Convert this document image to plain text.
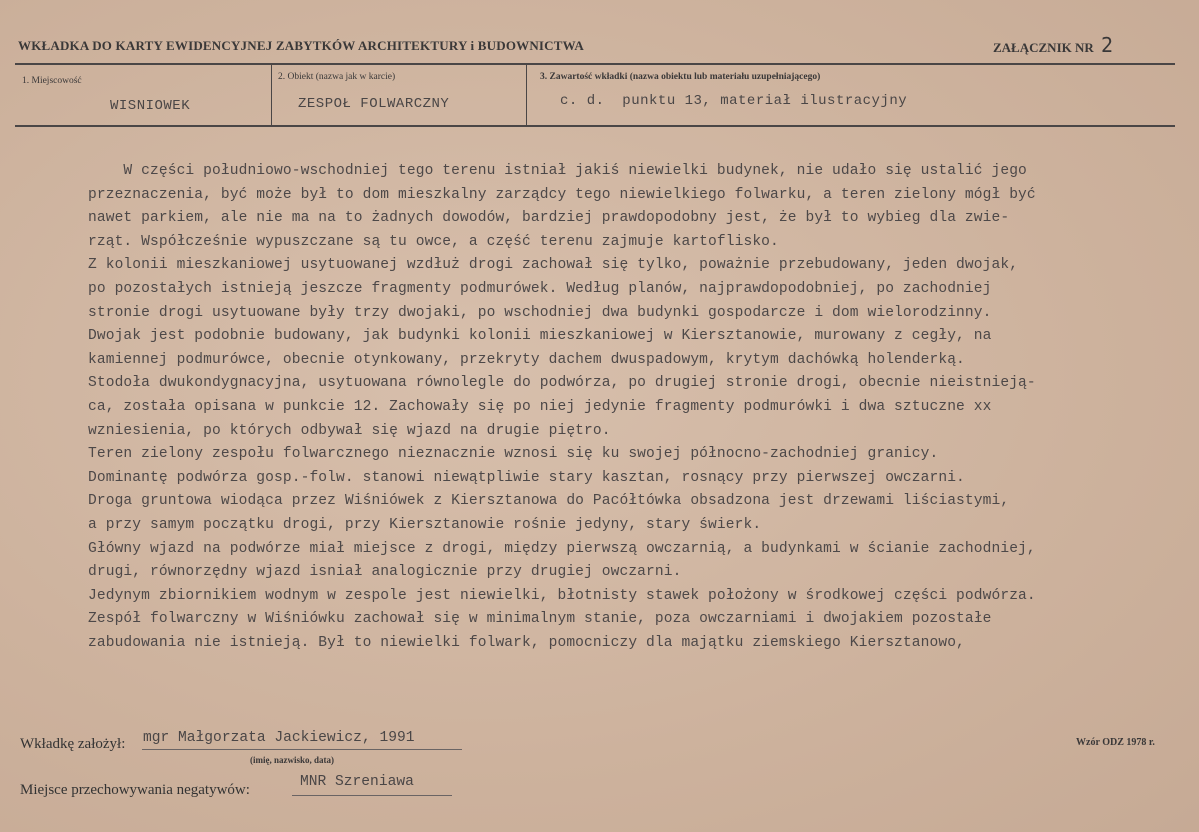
WKŁADKA DO KARTY EWIDENCYJNEJ ZABYTKÓW ARCHITEKTURY i BUDOWNICTWA	ZAŁĄCZNIK NR 2
1. Miejscowość
WISNIOWEK
2. Obiekt (nazwa jak w karcie)
ZESPOŁ FOLWARCZNY
3. Zawartość wkładki (nazwa obiektu lub materiału uzupełniającego)
c. d.  punktu 13, materiał ilustracyjny
W części południowo-wschodniej tego terenu istniał jakiś niewielki budynek, nie udało się ustalić jego
przeznaczenia, być może był to dom mieszkalny zarządcy tego niewielkiego folwarku, a teren zielony mógł być
nawet parkiem, ale nie ma na to żadnych dowodów, bardziej prawdopodobny jest, że był to wybieg dla zwie-
rząt. Współcześnie wypuszczane są tu owce, a część terenu zajmuje kartoflisko.
Z kolonii mieszkaniowej usytuowanej wzdłuż drogi zachował się tylko, poważnie przebudowany, jeden dwojak,
po pozostałych istnieją jeszcze fragmenty podmurówek. Według planów, najprawdopodobniej, po zachodniej
stronie drogi usytuowane były trzy dwojaki, po wschodniej dwa budynki gospodarcze i dom wielorodzinny.
Dwojak jest podobnie budowany, jak budynki kolonii mieszkaniowej w Kiersztanowie, murowany z cegły, na
kamiennej podmurówce, obecnie otynkowany, przekryty dachem dwuspadowym, krytym dachówką holenderką.
Stodoła dwukondygnacyjna, usytuowana równolegle do podwórza, po drugiej stronie drogi, obecnie nieistnieją-
ca, została opisana w punkcie 12. Zachowały się po niej jedynie fragmenty podmurówki i dwa sztuczne xx
wzniesienia, po których odbywał się wjazd na drugie piętro.
Teren zielony zespołu folwarcznego nieznacznie wznosi się ku swojej północno-zachodniej granicy.
Dominantę podwórza gosp.-folw. stanowi niewątpliwie stary kasztan, rosnący przy pierwszej owczarni.
Droga gruntowa wiodąca przez Wiśniówek z Kiersztanowa do Pacółtówka obsadzona jest drzewami liściastymi,
a przy samym początku drogi, przy Kiersztanowie rośnie jedyny, stary świerk.
Główny wjazd na podwórze miał miejsce z drogi, między pierwszą owczarnią, a budynkami w ścianie zachodniej,
drugi, równorzędny wjazd isniał analogicznie przy drugiej owczarni.
Jedynym zbiornikiem wodnym w zespole jest niewielki, błotnisty stawek położony w środkowej części podwórza.
Zespół folwarczny w Wiśniówku zachował się w minimalnym stanie, poza owczarniami i dwojakiem pozostałe
zabudowania nie istnieją. Był to niewielki folwark, pomocniczy dla majątku ziemskiego Kiersztanowo,
Wkładkę założył: mgr Małgorzata Jackiewicz, 1991
(imię, nazwisko, data)
Wzór ODZ 1978 r.
Miejsce przechowywania negatywów:	MNR Szreniawa
